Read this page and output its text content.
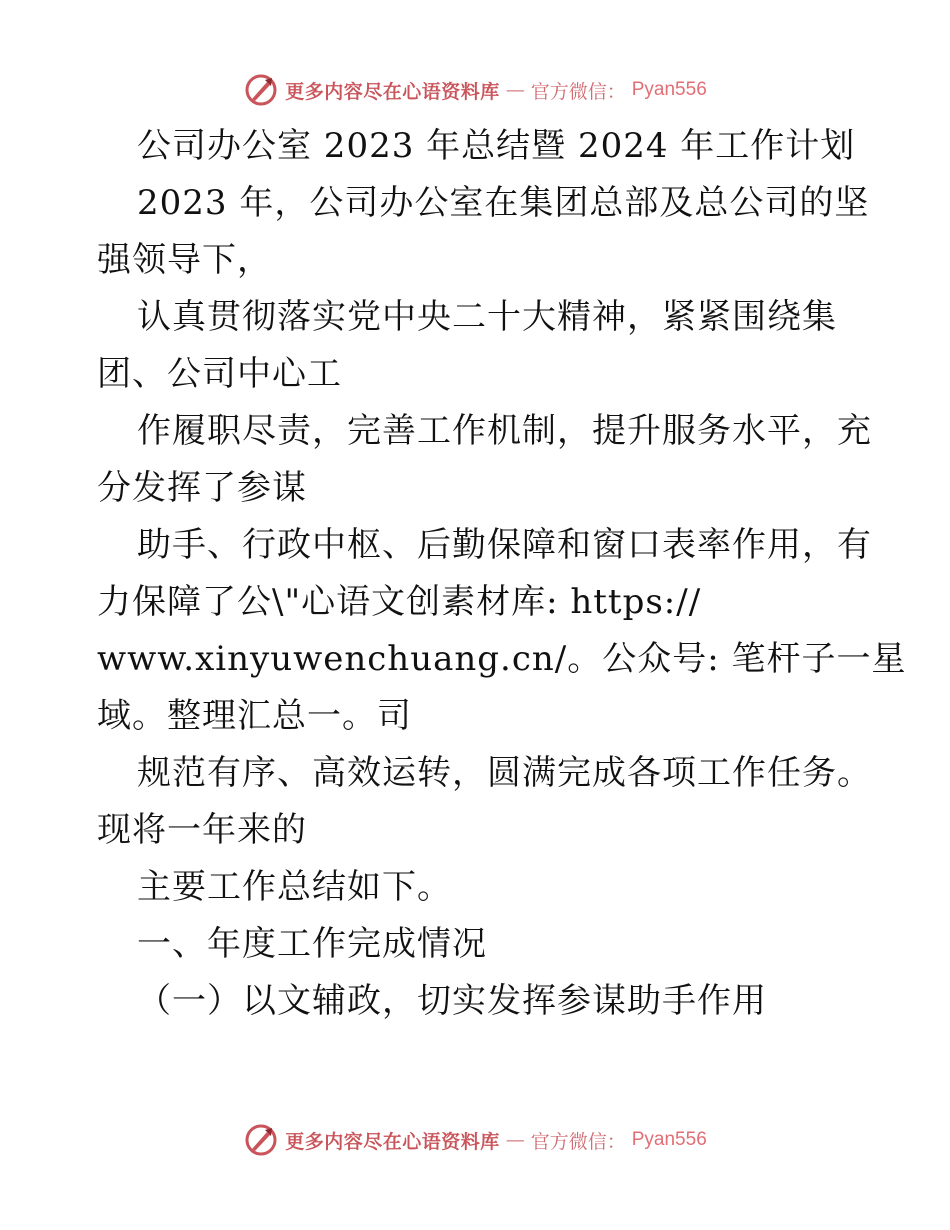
更多内容尽在心语资料库 — 官方微信： Pyan556
公司办公室 2023 年总结暨 2024 年工作计划
2023 年，公司办公室在集团总部及总公司的坚
强领导下，
认真贯彻落实党中央二十大精神，紧紧围绕集
团、公司中心工
作履职尽责，完善工作机制，提升服务水平，充
分发挥了参谋
助手、行政中枢、后勤保障和窗口表率作用，有
力保障了公\"心语文创素材库: https://
www.xinyuwenchuang.cn/。公众号: 笔杆子一星
域。整理汇总一。司
规范有序、高效运转，圆满完成各项工作任务。
现将一年来的
主要工作总结如下。
一、年度工作完成情况
（一）以文辅政，切实发挥参谋助手作用
更多内容尽在心语资料库 — 官方微信： Pyan556
